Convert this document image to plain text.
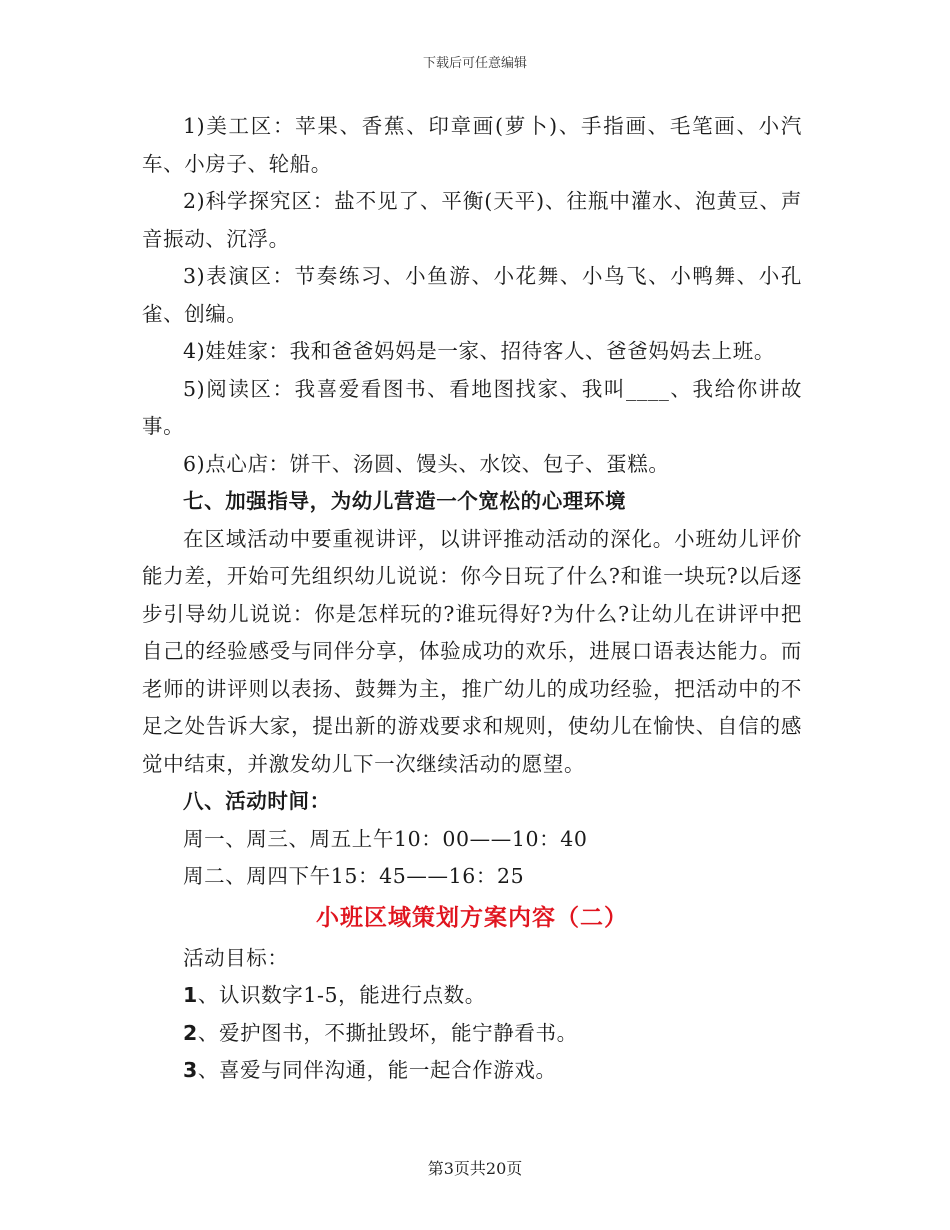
下载后可任意编辑

1)美工区：苹果、香蕉、印章画(萝卜)、手指画、毛笔画、小汽车、小房子、轮船。

2)科学探究区：盐不见了、平衡(天平)、往瓶中灌水、泡黄豆、声音振动、沉浮。

3)表演区：节奏练习、小鱼游、小花舞、小鸟飞、小鸭舞、小孔雀、创编。

4)娃娃家：我和爸爸妈妈是一家、招待客人、爸爸妈妈去上班。

5)阅读区：我喜爱看图书、看地图找家、我叫____、我给你讲故事。

6)点心店：饼干、汤圆、馒头、水饺、包子、蛋糕。

七、加强指导，为幼儿营造一个宽松的心理环境

在区域活动中要重视讲评，以讲评推动活动的深化。小班幼儿评价能力差，开始可先组织幼儿说说：你今日玩了什么?和谁一块玩?以后逐步引导幼儿说说：你是怎样玩的?谁玩得好?为什么?让幼儿在讲评中把自己的经验感受与同伴分享，体验成功的欢乐，进展口语表达能力。而老师的讲评则以表扬、鼓舞为主，推广幼儿的成功经验，把活动中的不足之处告诉大家，提出新的游戏要求和规则，使幼儿在愉快、自信的感觉中结束，并激发幼儿下一次继续活动的愿望。

八、活动时间：

周一、周三、周五上午10：00——10：40

周二、周四下午15：45——16：25

小班区域策划方案内容（二）

活动目标：

1、认识数字1-5，能进行点数。

2、爱护图书，不撕扯毁坏，能宁静看书。

3、喜爱与同伴沟通，能一起合作游戏。

第3页共20页
